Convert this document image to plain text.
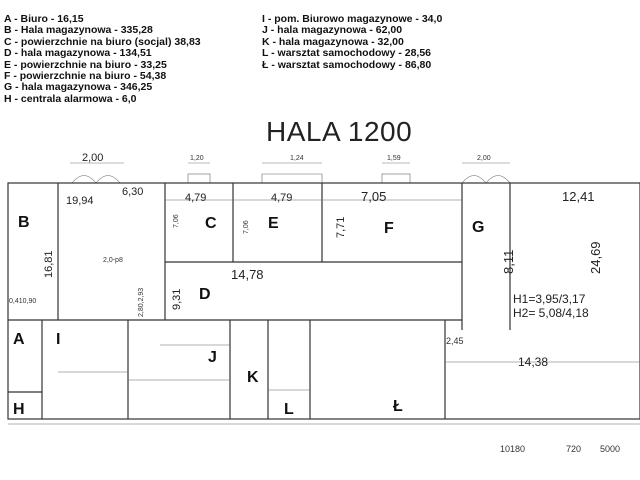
A - Biuro - 16,15
B - Hala magazynowa - 335,28
C - powierzchnie na biuro (socjal) 38,83
D - hala magazynowa - 134,51
E - powierzchnie na biuro - 33,25
F - powierzchnie na biuro - 54,38
G - hala magazynowa - 346,25
H - centrala alarmowa - 6,0
I - pom. Biurowo magazynowe - 34,0
J - hala magazynowa - 62,00
K - hala magazynowa - 32,00
L - warsztat samochodowy - 28,56
Ł - warsztat samochodowy - 86,80
HALA 1200
2,00	1,20	1,24	1,59	2,00
B	C	E	F	G
D
A I
J
K
L	Ł
H
19,94
6,30	4,79	4,79	7,05	12,41
7,06	7,06	7,71
16,81	2,0-p8
14,78
9,31
2,80,2,93
0,410,90
8,11	24,69
H1=3,95/3,17
H2= 5,08/4,18
2,45
14,38
10180	720 5000
